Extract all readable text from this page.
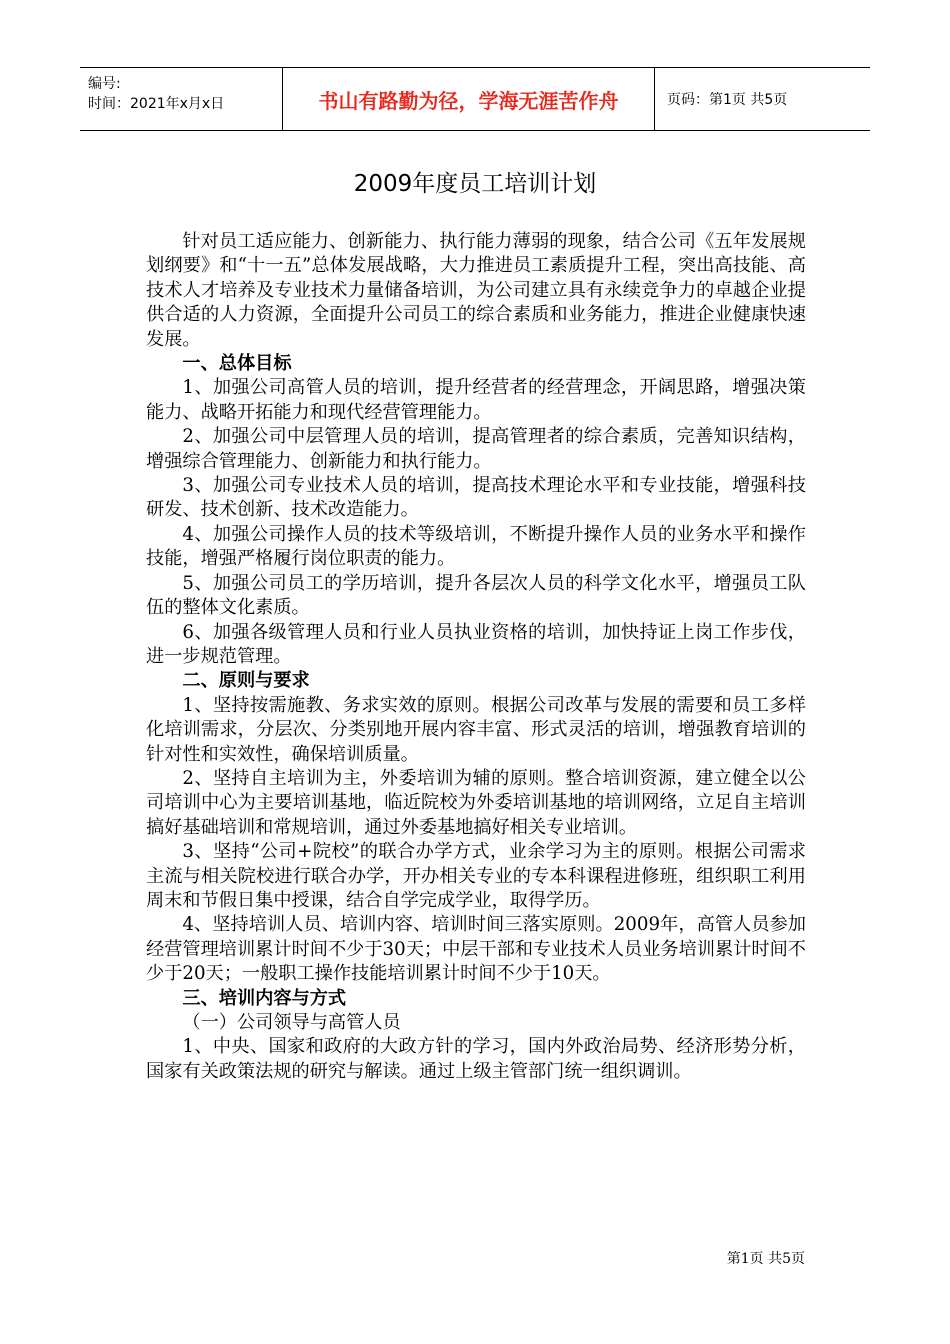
编号:
时间：2021年x月x日	书山有路勤为径，学海无涯苦作舟	页码：第1页 共5页
2009年度员工培训计划

针对员工适应能力、创新能力、执行能力薄弱的现象，结合公司《五年发展规划纲要》和“十一五”总体发展战略，大力推进员工素质提升工程，突出高技能、高技术人才培养及专业技术力量储备培训，为公司建立具有永续竞争力的卓越企业提供合适的人力资源，全面提升公司员工的综合素质和业务能力，推进企业健康快速发展。

一、总体目标

1、加强公司高管人员的培训，提升经营者的经营理念，开阔思路，增强决策能力、战略开拓能力和现代经营管理能力。

2、加强公司中层管理人员的培训，提高管理者的综合素质，完善知识结构，增强综合管理能力、创新能力和执行能力。

3、加强公司专业技术人员的培训，提高技术理论水平和专业技能，增强科技研发、技术创新、技术改造能力。

4、加强公司操作人员的技术等级培训，不断提升操作人员的业务水平和操作技能，增强严格履行岗位职责的能力。

5、加强公司员工的学历培训，提升各层次人员的科学文化水平，增强员工队伍的整体文化素质。

6、加强各级管理人员和行业人员执业资格的培训，加快持证上岗工作步伐，进一步规范管理。

二、原则与要求

1、坚持按需施教、务求实效的原则。根据公司改革与发展的需要和员工多样化培训需求，分层次、分类别地开展内容丰富、形式灵活的培训，增强教育培训的针对性和实效性，确保培训质量。

2、坚持自主培训为主，外委培训为辅的原则。整合培训资源，建立健全以公司培训中心为主要培训基地，临近院校为外委培训基地的培训网络，立足自主培训搞好基础培训和常规培训，通过外委基地搞好相关专业培训。

3、坚持“公司+院校”的联合办学方式，业余学习为主的原则。根据公司需求主流与相关院校进行联合办学，开办相关专业的专本科课程进修班，组织职工利用周末和节假日集中授课，结合自学完成学业，取得学历。

4、坚持培训人员、培训内容、培训时间三落实原则。2009年，高管人员参加经营管理培训累计时间不少于30天；中层干部和专业技术人员业务培训累计时间不少于20天；一般职工操作技能培训累计时间不少于10天。

三、培训内容与方式

（一）公司领导与高管人员

1、中央、国家和政府的大政方针的学习，国内外政治局势、经济形势分析，国家有关政策法规的研究与解读。通过上级主管部门统一组织调训。

第1页 共5页
